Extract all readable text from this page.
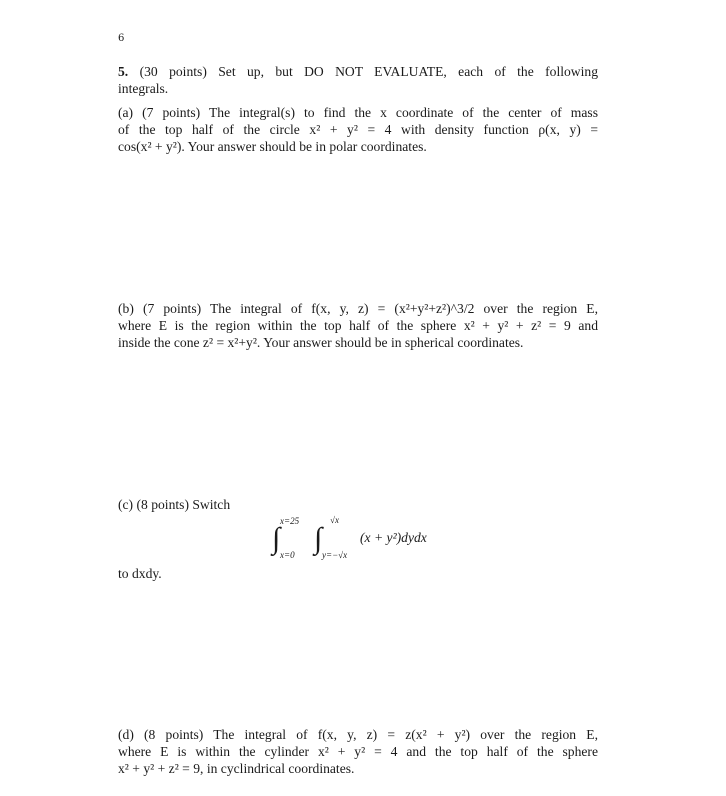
6
5. (30 points) Set up, but DO NOT EVALUATE, each of the following
integrals.
(a) (7 points) The integral(s) to find the x coordinate of the center of mass
of the top half of the circle x² + y² = 4 with density function ρ(x, y) =
cos(x² + y²). Your answer should be in polar coordinates.
(b) (7 points) The integral of f(x, y, z) = (x²+y²+z²)^3/2 over the region E,
where E is the region within the top half of the sphere x² + y² + z² = 9 and
inside the cone z² = x²+y². Your answer should be in spherical coordinates.
(c) (8 points) Switch
∫
x=25
x=0 ∫
√x
y=−√x
(x + y²)dydx
to dxdy.
(d) (8 points) The integral of f(x, y, z) = z(x² + y²) over the region E,
where E is within the cylinder x² + y² = 4 and the top half of the sphere
x² + y² + z² = 9, in cyclindrical coordinates.
